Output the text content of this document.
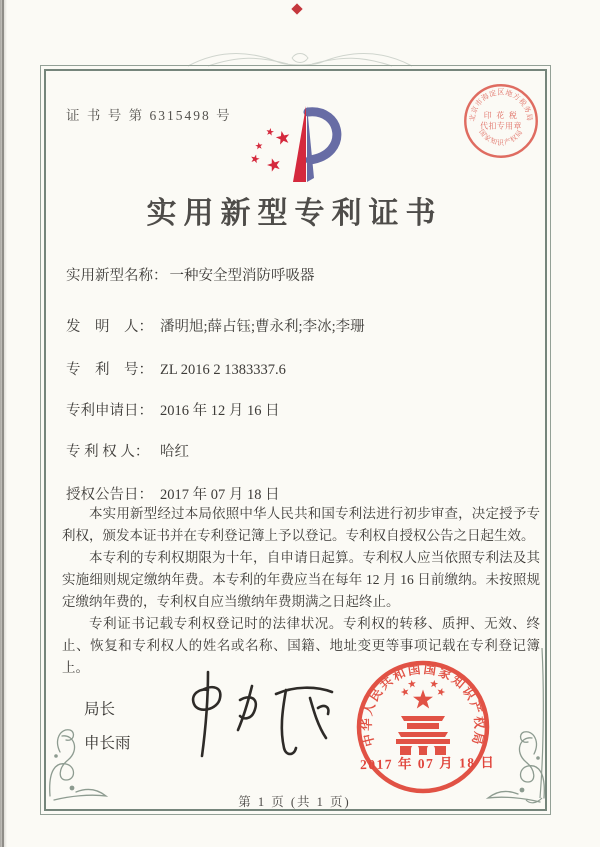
证 书 号 第 6315498 号
实用新型专利证书
实用新型名称： 一种安全型消防呼吸器
发　明　人： 潘明旭;薛占钰;曹永利;李冰;李珊
专　利　号： ZL 2016 2 1383337.6
专利申请日： 2016 年 12 月 16 日
专 利 权 人： 哈红
授权公告日： 2017 年 07 月 18 日

本实用新型经过本局依照中华人民共和国专利法进行初步审查，决定授予专利权，颁发本证书并在专利登记簿上予以登记。专利权自授权公告之日起生效。

本专利的专利权期限为十年，自申请日起算。专利权人应当依照专利法及其实施细则规定缴纳年费。本专利的年费应当在每年 12 月 16 日前缴纳。未按照规定缴纳年费的，专利权自应当缴纳年费期满之日起终止。

专利证书记载专利权登记时的法律状况。专利权的转移、质押、无效、终止、恢复和专利权人的姓名或名称、国籍、地址变更等事项记载在专利登记簿上。

局长
申长雨	中华人民共和国国家知识产权局
2017 年 07 月 18 日
北京市海淀区地方税务局
国家知识产权局
印 花 税
代扣专用章
第 1 页 (共 1 页)
